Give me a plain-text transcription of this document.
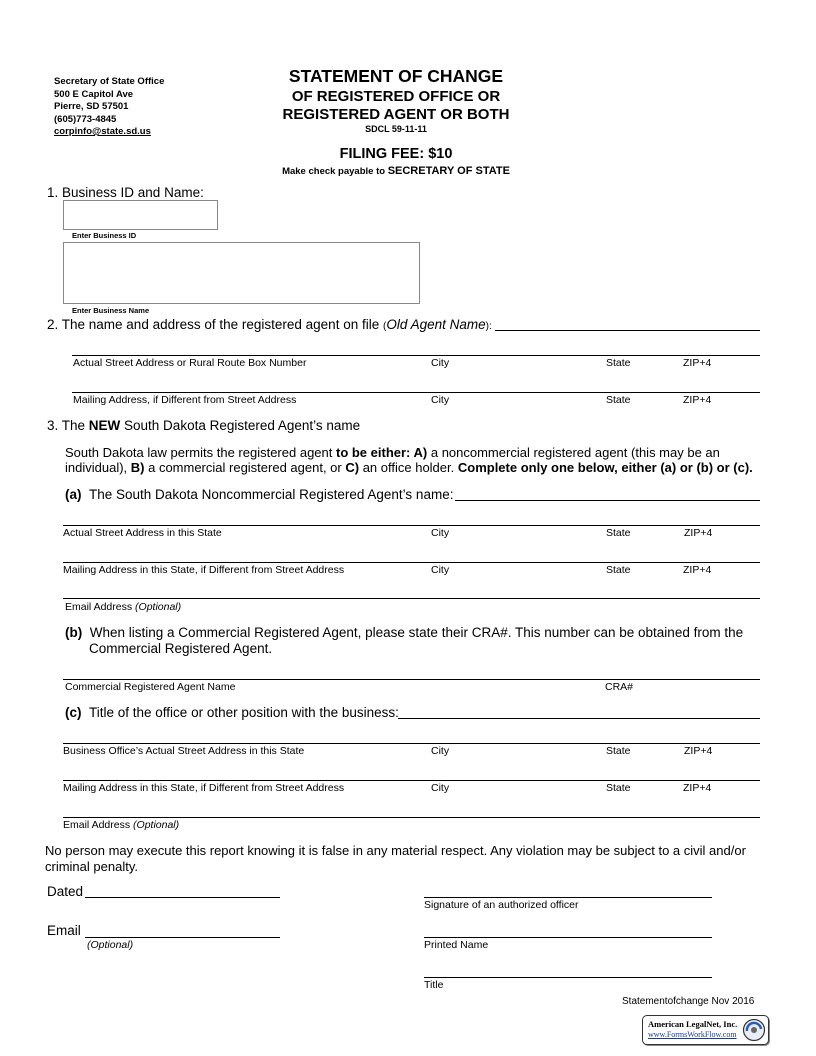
Secretary of State Office
500 E Capitol Ave
Pierre, SD 57501
(605)773-4845
corpinfo@state.sd.us
STATEMENT OF CHANGE
OF REGISTERED OFFICE OR
REGISTERED AGENT OR BOTH
SDCL 59-11-11
FILING FEE: $10
Make check payable to SECRETARY OF STATE
1. Business ID and Name:
Enter Business ID
Enter Business Name
2. The name and address of the registered agent on file (Old Agent Name):
Actual Street Address or Rural Route Box Number	City	State	ZIP+4
Mailing Address, if Different from Street Address	City	State	ZIP+4
3. The NEW South Dakota Registered Agent’s name
South Dakota law permits the registered agent to be either: A) a noncommercial registered agent (this may be an
individual), B) a commercial registered agent, or C) an office holder. Complete only one below, either (a) or (b) or (c).
(a) The South Dakota Noncommercial Registered Agent’s name:
Actual Street Address in this State	City	State	ZIP+4
Mailing Address in this State, if Different from Street Address	City	State	ZIP+4
Email Address (Optional)
(b) When listing a Commercial Registered Agent, please state their CRA#. This number can be obtained from the
Commercial Registered Agent.
Commercial Registered Agent Name	CRA#
(c) Title of the office or other position with the business:
Business Office’s Actual Street Address in this State	City	State	ZIP+4
Mailing Address in this State, if Different from Street Address	City	State	ZIP+4
Email Address (Optional)
No person may execute this report knowing it is false in any material respect. Any violation may be subject to a civil and/or
criminal penalty.
Dated
Signature of an authorized officer
Email
(Optional)	Printed Name
Title
Statementofchange Nov 2016
American LegalNet, Inc.
www.FormsWorkFlow.com
